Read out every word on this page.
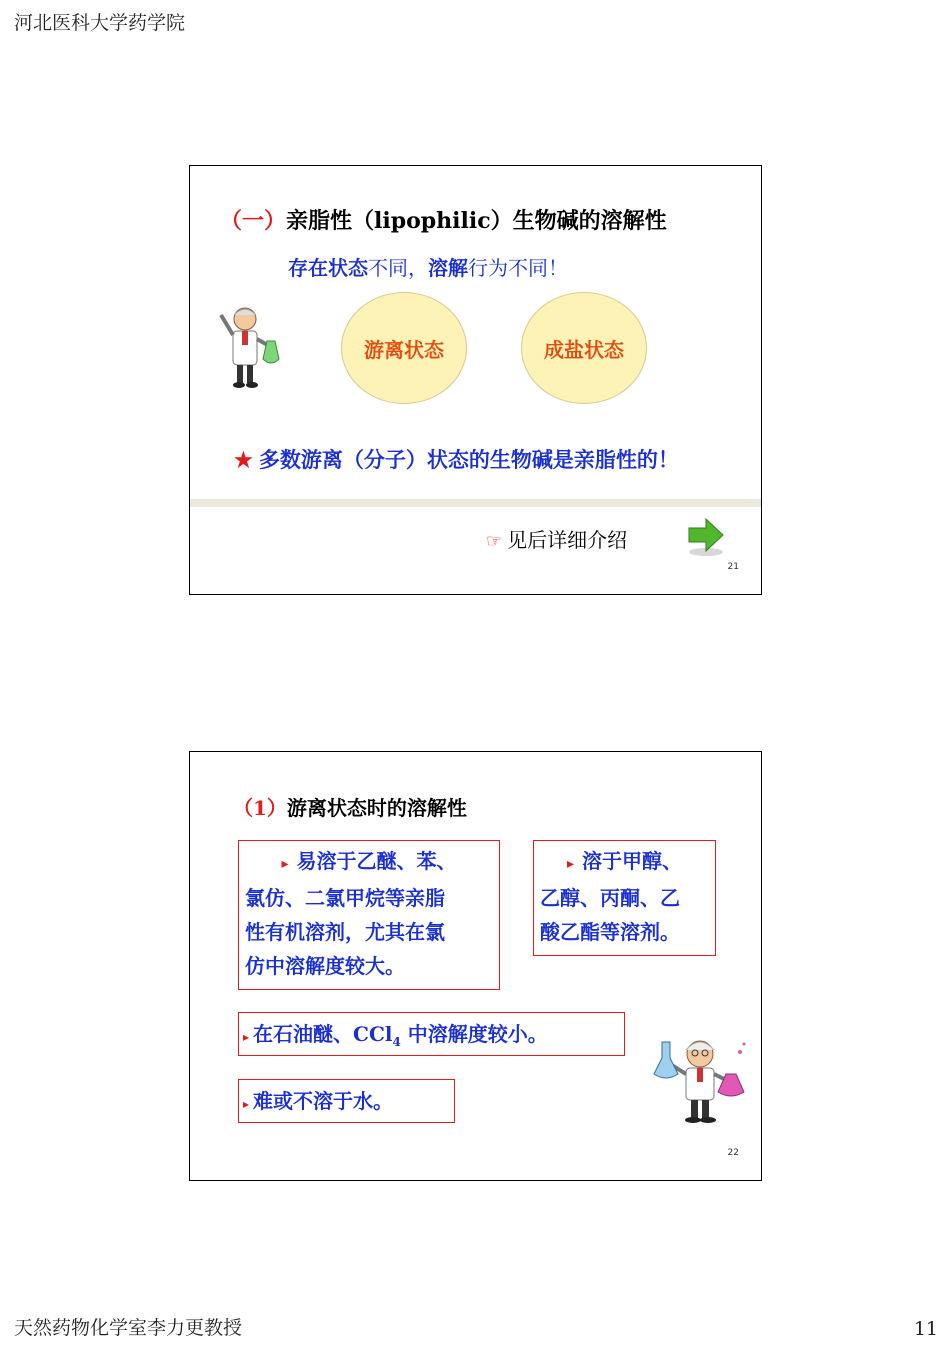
河北医科大学药学院
（一）亲脂性（lipophilic）生物碱的溶解性
存在状态不同，溶解行为不同！
游离状态	成盐状态
★ 多数游离（分子）状态的生物碱是亲脂性的！
☞ 见后详细介绍
21
（1）游离状态时的溶解性
▸ 易溶于乙醚、苯、
氯仿、二氯甲烷等亲脂
性有机溶剂，尤其在氯
仿中溶解度较大。
▸ 溶于甲醇、
乙醇、丙酮、乙
酸乙酯等溶剂。
▸ 在石油醚、CCl$_4$ 中溶解度较小。
▸ 难或不溶于水。
22
天然药物化学室李力更教授	11
